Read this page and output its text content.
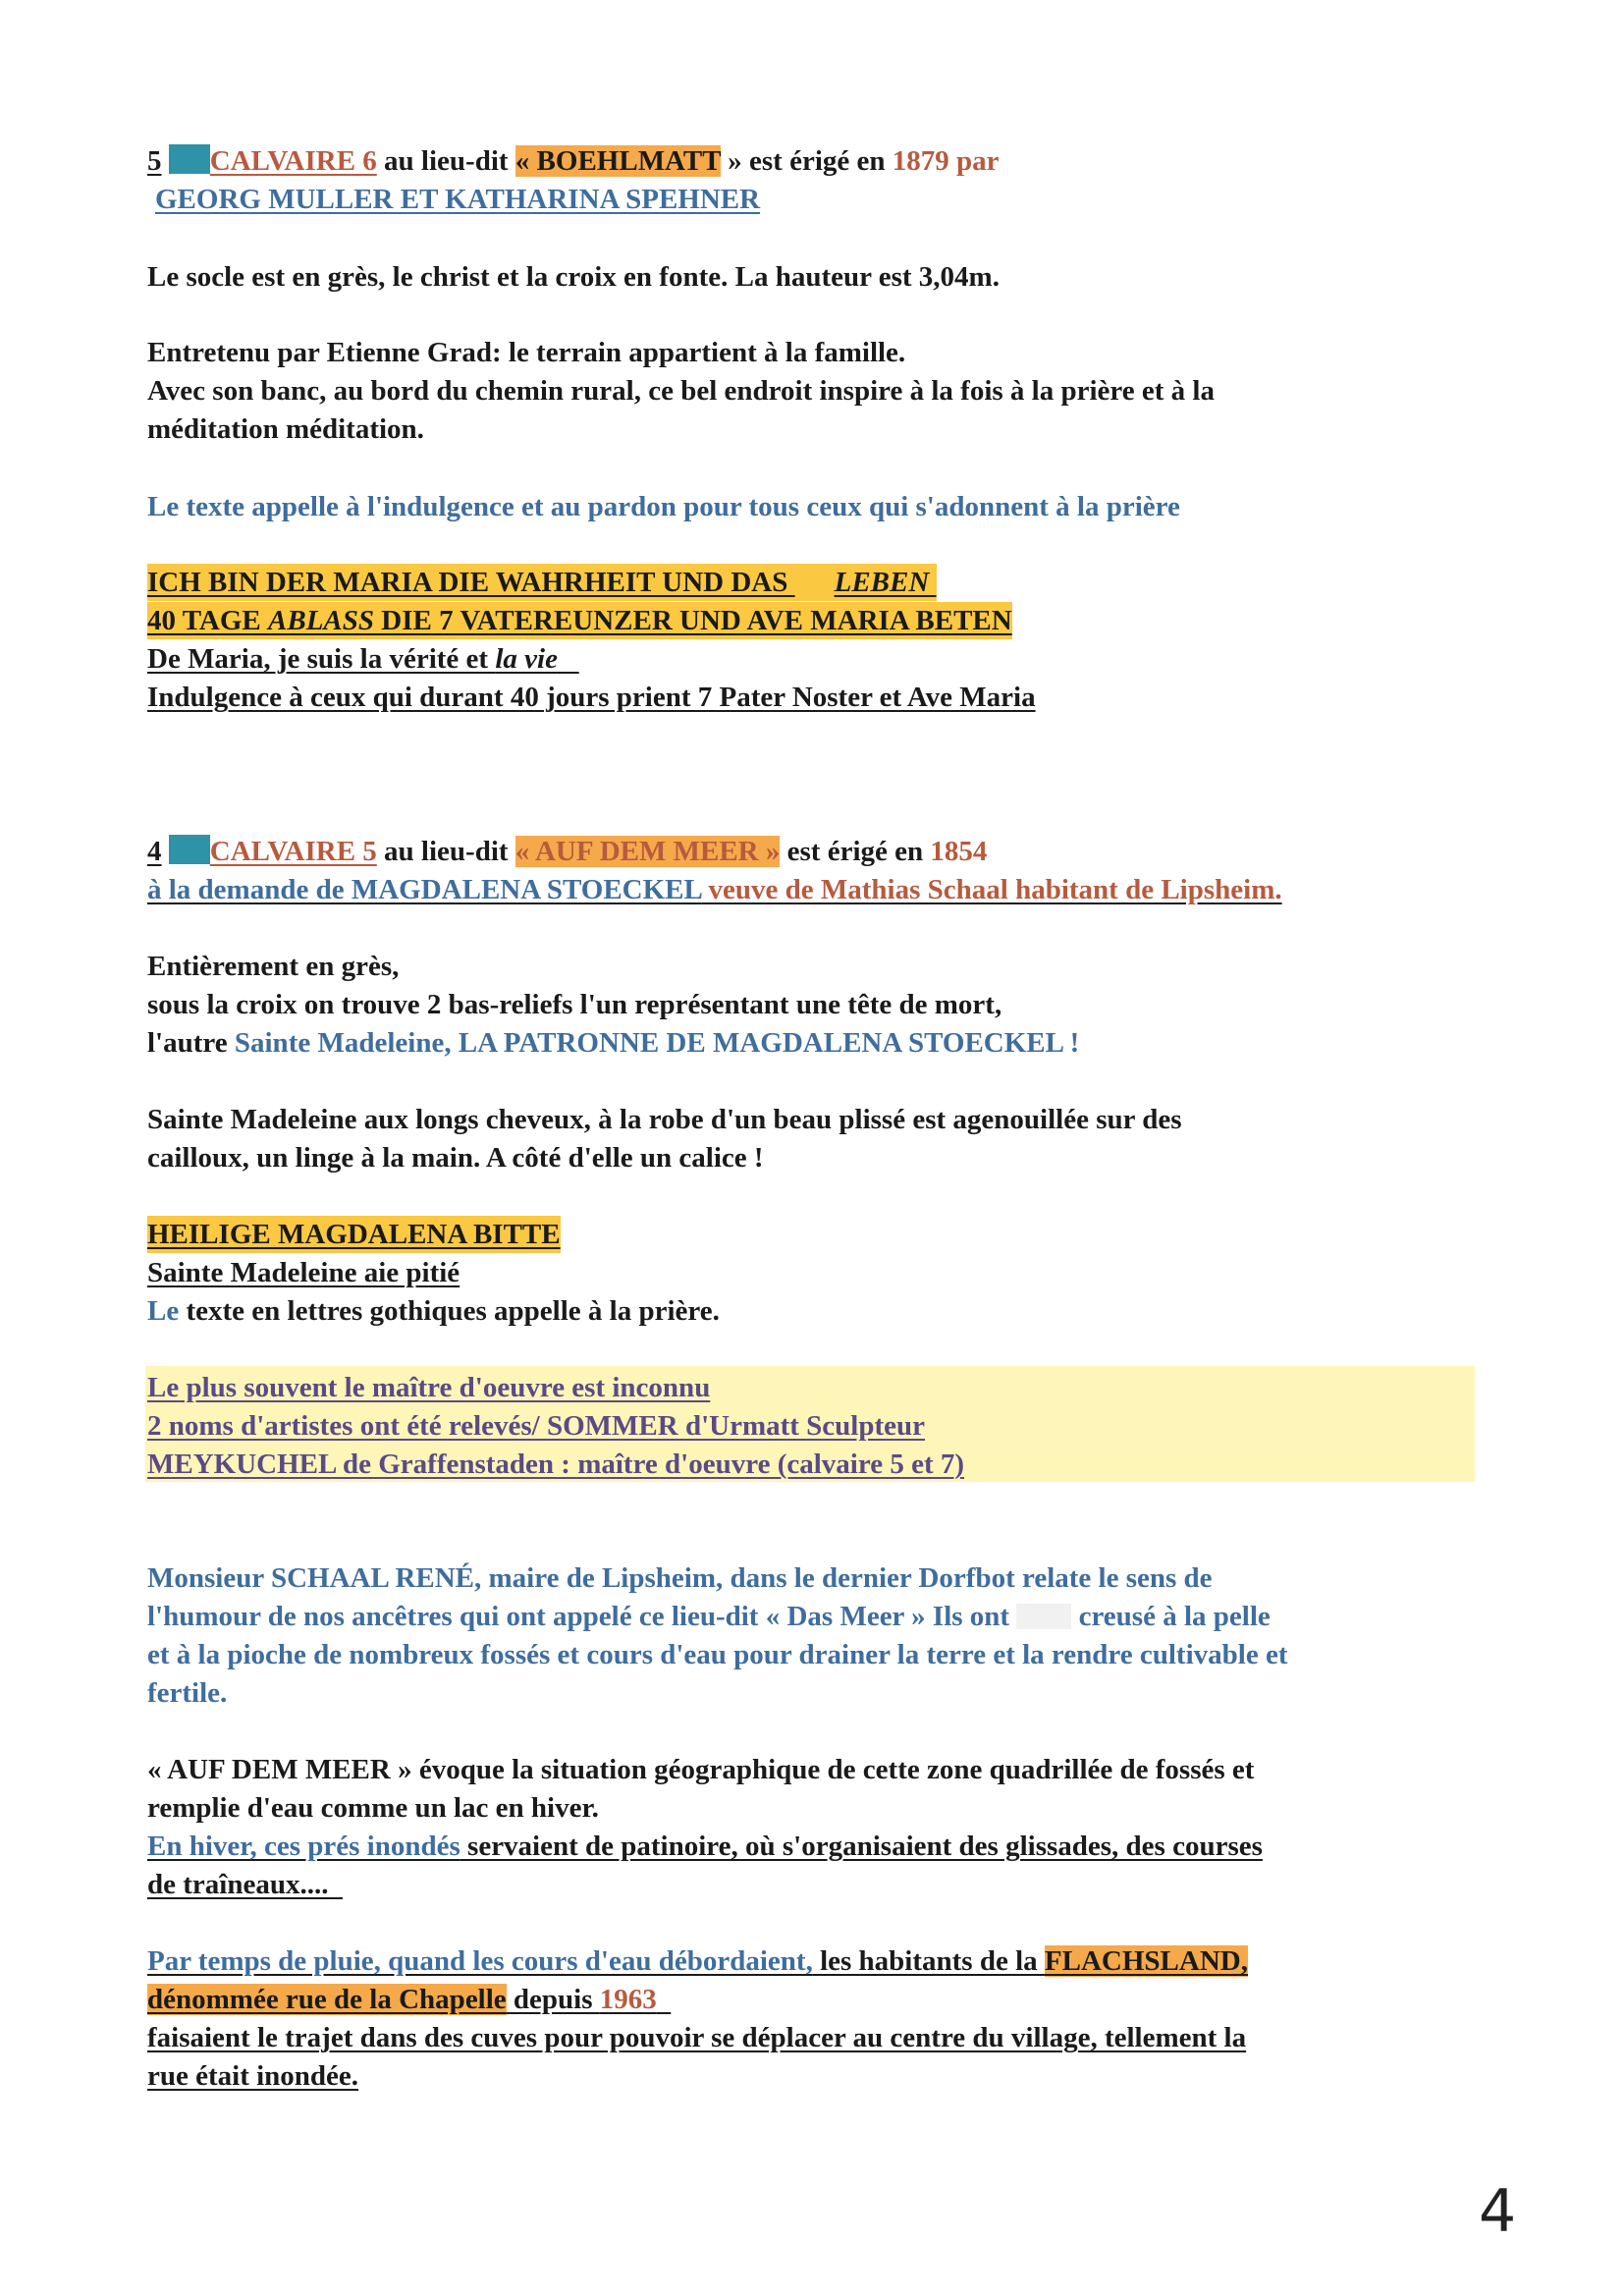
5 CALVAIRE 6 au lieu-dit « BOEHLMATT » est érigé en 1879 par
GEORG MULLER ET KATHARINA SPEHNER
Le socle est en grès, le christ et la croix en fonte. La hauteur est 3,04m.
Entretenu par Etienne Grad: le terrain appartient à la famille.
Avec son banc, au bord du chemin rural, ce bel endroit inspire à la fois à la prière et à la
méditation méditation.
Le texte appelle à l'indulgence et au pardon pour tous ceux qui s'adonnent à la prière
ICH BIN DER MARIA DIE WAHRHEIT UND DAS LEBEN
40 TAGE ABLASS DIE 7 VATEREUNZER UND AVE MARIA BETEN
De Maria, je suis la vérité et la vie
Indulgence à ceux qui durant 40 jours prient 7 Pater Noster et Ave Maria
4 CALVAIRE 5 au lieu-dit « AUF DEM MEER » est érigé en 1854
à la demande de MAGDALENA STOECKEL veuve de Mathias Schaal habitant de Lipsheim.
Entièrement en grès,
sous la croix on trouve 2 bas-reliefs l'un représentant une tête de mort,
l'autre Sainte Madeleine, LA PATRONNE DE MAGDALENA STOECKEL !
Sainte Madeleine aux longs cheveux, à la robe d'un beau plissé est agenouillée sur des
cailloux, un linge à la main. A côté d'elle un calice !
HEILIGE MAGDALENA BITTE
Sainte Madeleine aie pitié
Le texte en lettres gothiques appelle à la prière.
Le plus souvent le maître d'oeuvre est inconnu
2 noms d'artistes ont été relevés/ SOMMER d'Urmatt Sculpteur
MEYKUCHEL de Graffenstaden : maître d'oeuvre (calvaire 5 et 7)
Monsieur SCHAAL RENÉ, maire de Lipsheim, dans le dernier Dorfbot relate le sens de
l'humour de nos ancêtres qui ont appelé ce lieu-dit « Das Meer » Ils ont  creusé à la pelle
et à la pioche de nombreux fossés et cours d'eau pour drainer la terre et la rendre cultivable et
fertile.
« AUF DEM MEER » évoque la situation géographique de cette zone quadrillée de fossés et
remplie d'eau comme un lac en hiver.
En hiver, ces prés inondés servaient de patinoire, où s'organisaient des glissades, des courses
de traîneaux....
Par temps de pluie, quand les cours d'eau débordaient, les habitants de la FLACHSLAND,
dénommée rue de la Chapelle depuis 1963
faisaient le trajet dans des cuves pour pouvoir se déplacer au centre du village, tellement la
rue était inondée.
4
